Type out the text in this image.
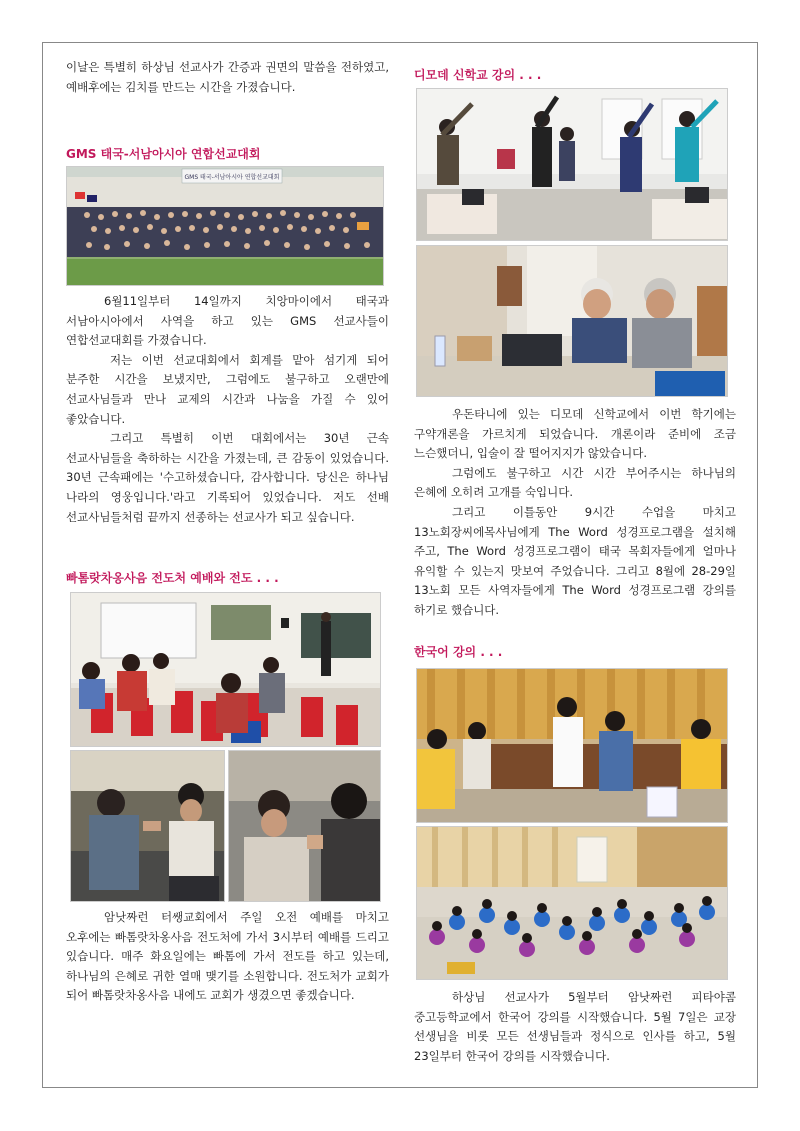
이날은 특별히 하상님 선교사가 간증과 권면의 말씀을 전하였고, 예배후에는 김치를 만드는 시간을 가졌습니다.

GMS 태국-서남아시아 연합선교대회

GMS 태국-서남아시아 연합선교대회

6월11일부터 14일까지 치앙마이에서 태국과 서남아시아에서 사역을 하고 있는 GMS 선교사들이 연합선교대회를 가졌습니다.

저는 이번 선교대회에서 회계를 맡아 섬기게 되어 분주한 시간을 보냈지만, 그럼에도 불구하고 오랜만에 선교사님들과 만나 교제의 시간과 나눔을 가질 수 있어 좋았습니다.

그리고 특별히 이번 대회에서는 30년 근속 선교사님들을 축하하는 시간을 가졌는데, 큰 감동이 있었습니다. 30년 근속패에는 '수고하셨습니다, 감사합니다. 당신은 하나님 나라의 영웅입니다.'라고 기록되어 있었습니다. 저도 선배 선교사님들처럼 끝까지 선종하는 선교사가 되고 싶습니다.

빠톰랏차옹사음 전도처 예배와 전도 . . .

암낫짜런 터쌩교회에서 주일 오전 예배를 마치고 오후에는 빠톰랏차옹사음 전도처에 가서 3시부터 예배를 드리고 있습니다. 매주 화요일에는 빠톰에 가서 전도를 하고 있는데, 하나님의 은혜로 귀한 열매 맺기를 소원합니다. 전도처가 교회가 되어 빠톰랏차옹사음 내에도 교회가 생겼으면 좋겠습니다.

디모데 신학교 강의 . . .

우돈타니에 있는 디모데 신학교에서 이번 학기에는 구약개론을 가르치게 되었습니다. 개론이라 준비에 조금 느슨했더니, 입술이 잘 떨어지지가 않았습니다.

그럼에도 불구하고 시간 시간 부어주시는 하나님의 은혜에 오히려 고개를 숙입니다.

그리고 이틀동안 9시간 수업을 마치고 13노회장씨에목사님에게 The Word 성경프로그램을 설치해 주고, The Word 성경프로그램이 태국 목회자들에게 얼마나 유익할 수 있는지 맛보여 주었습니다. 그리고 8월에 28-29일 13노회 모든 사역자들에게 The Word 성경프로그램 강의를 하기로 했습니다.

한국어 강의 . . .

하상님 선교사가 5월부터 암낫짜런 피타야콤 중고등학교에서 한국어 강의를 시작했습니다. 5월 7일은 교장 선생님을 비롯 모든 선생님들과 정식으로 인사를 하고, 5월 23일부터 한국어 강의를 시작했습니다.
